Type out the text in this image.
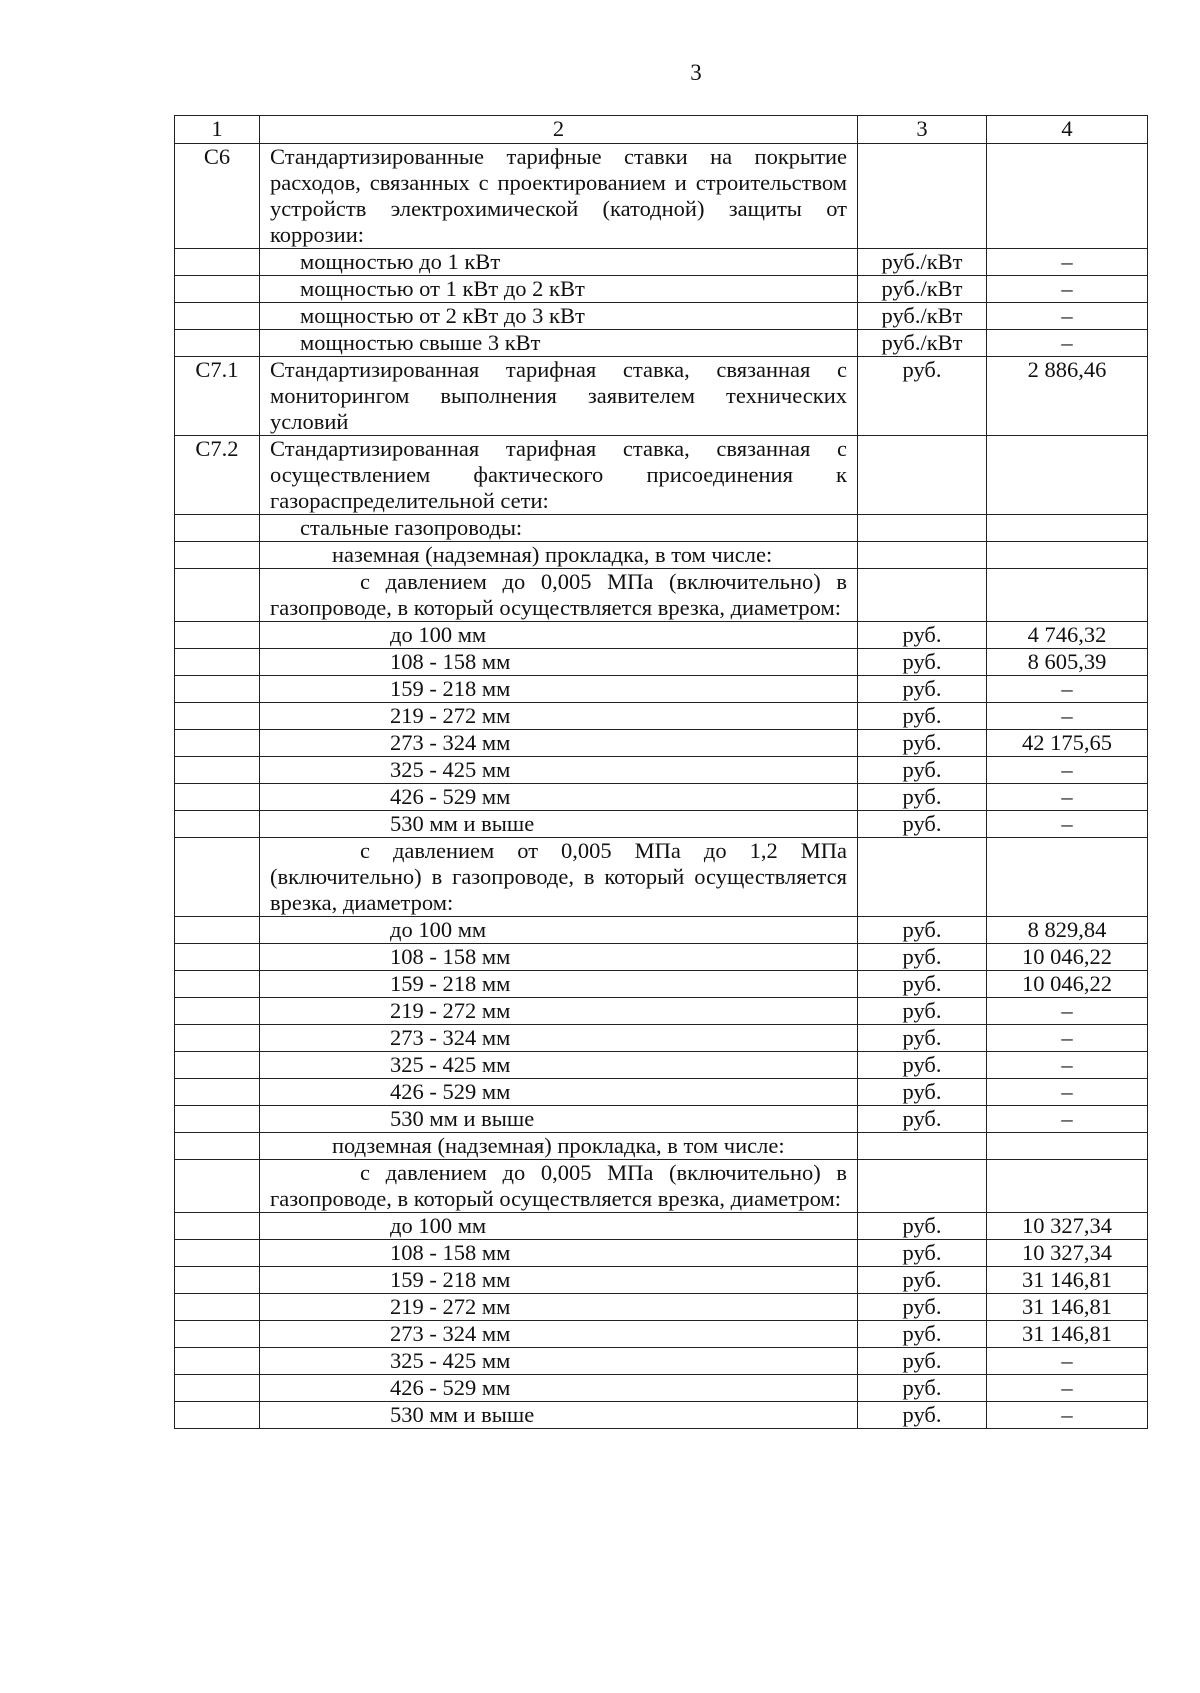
3
1	2	3	4
С6	Стандартизированные тарифные ставки на покрытие расходов, связанных с проектированием и строительством устройств электрохимической (катодной) защиты от коррозии:		
	мощностью до 1 кВт	руб./кВт	–
	мощностью от 1 кВт до 2 кВт	руб./кВт	–
	мощностью от 2 кВт до 3 кВт	руб./кВт	–
	мощностью свыше 3 кВт	руб./кВт	–
С7.1	Стандартизированная тарифная ставка, связанная с мониторингом выполнения заявителем технических условий	руб.	2 886,46
С7.2	Стандартизированная тарифная ставка, связанная с осуществлением фактического присоединения к газораспределительной сети:		
	стальные газопроводы:		
	наземная (надземная) прокладка, в том числе:		
	с давлением до 0,005 МПа (включительно) в газопроводе, в который осуществляется врезка, диаметром:		
	до 100 мм	руб.	4 746,32
	108 - 158 мм	руб.	8 605,39
	159 - 218 мм	руб.	–
	219 - 272 мм	руб.	–
	273 - 324 мм	руб.	42 175,65
	325 - 425 мм	руб.	–
	426 - 529 мм	руб.	–
	530 мм и выше	руб.	–
	с давлением от 0,005 МПа до 1,2 МПа (включительно) в газопроводе, в который осуществляется врезка, диаметром:		
	до 100 мм	руб.	8 829,84
	108 - 158 мм	руб.	10 046,22
	159 - 218 мм	руб.	10 046,22
	219 - 272 мм	руб.	–
	273 - 324 мм	руб.	–
	325 - 425 мм	руб.	–
	426 - 529 мм	руб.	–
	530 мм и выше	руб.	–
	подземная (надземная) прокладка, в том числе:		
	с давлением до 0,005 МПа (включительно) в газопроводе, в который осуществляется врезка, диаметром:		
	до 100 мм	руб.	10 327,34
	108 - 158 мм	руб.	10 327,34
	159 - 218 мм	руб.	31 146,81
	219 - 272 мм	руб.	31 146,81
	273 - 324 мм	руб.	31 146,81
	325 - 425 мм	руб.	–
	426 - 529 мм	руб.	–
	530 мм и выше	руб.	–
